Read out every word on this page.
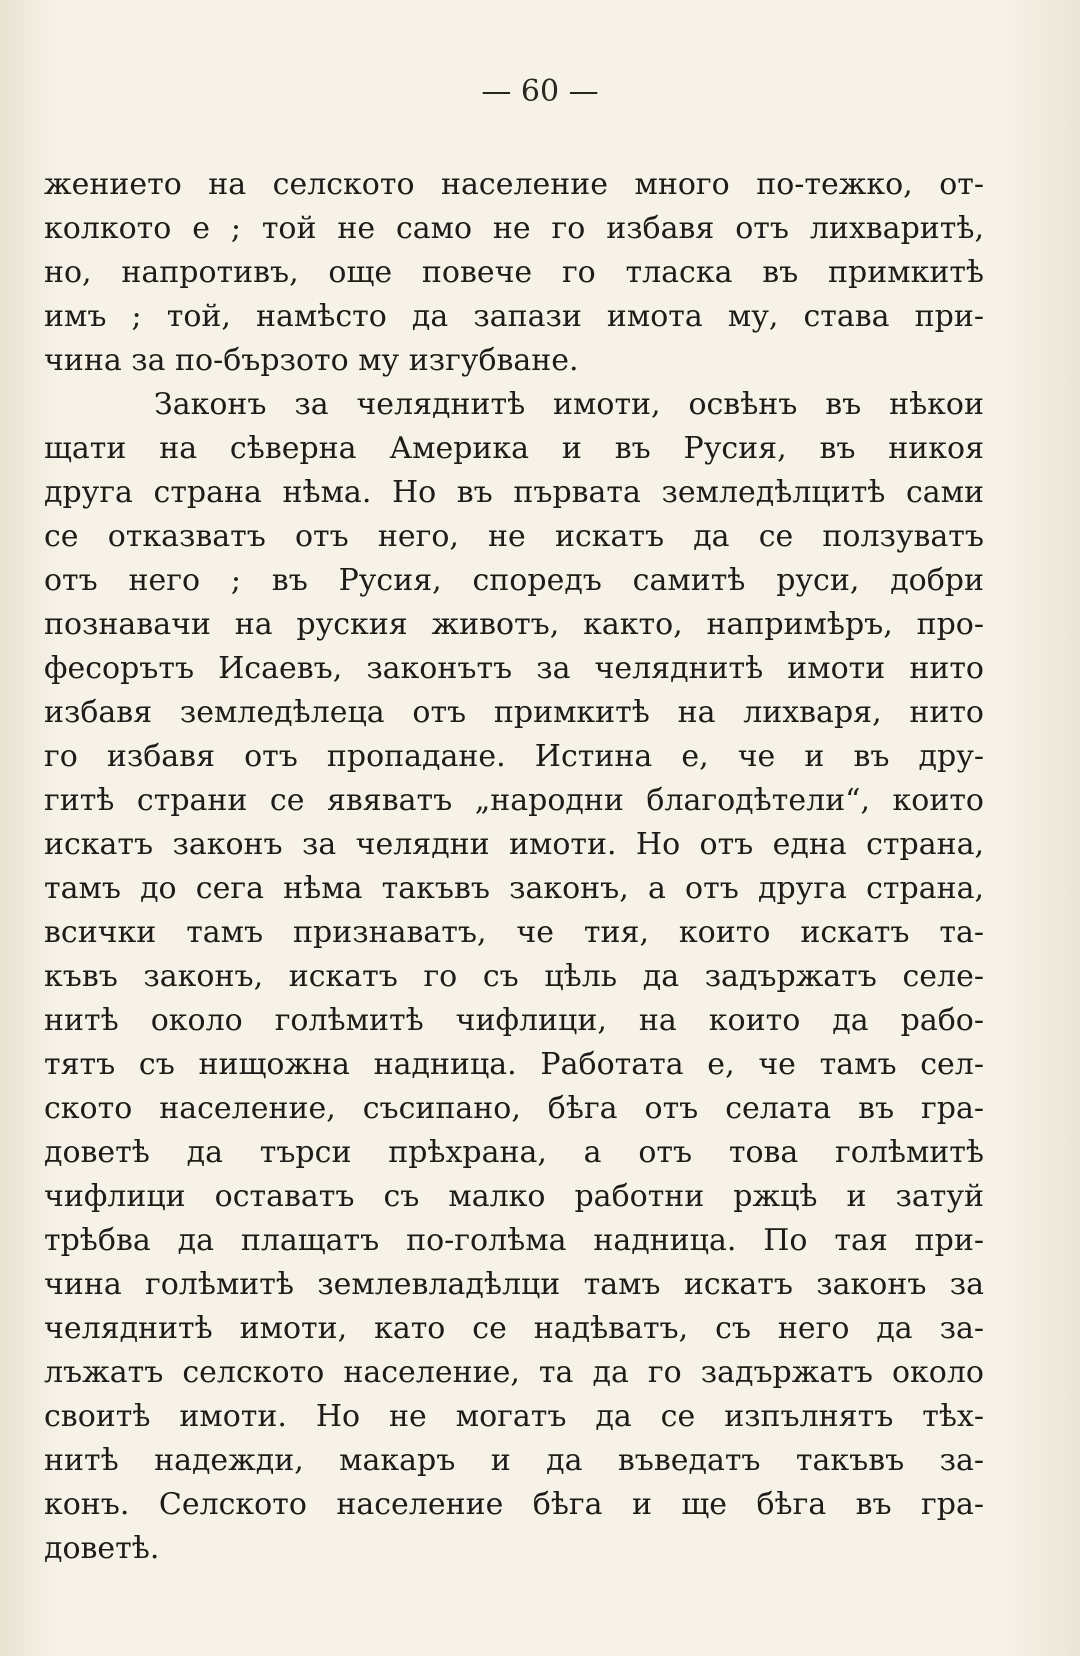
— 60 —
жението на селското население много по-тежко, от-
колкото е ; той не само не го избавя отъ лихваритѣ,
но, напротивъ, още повече го тласка въ примкитѣ
имъ ; той, намѣсто да запази имота му, става при-
чина за по-бързото му изгубване.
Законъ за челяднитѣ имоти, освѣнъ въ нѣкои
щати на сѣверна Америка и въ Русия, въ никоя
друга страна нѣма. Но въ първата земледѣлцитѣ сами
се отказватъ отъ него, не искатъ да се ползуватъ
отъ него ; въ Русия, споредъ самитѣ руси, добри
познавачи на руския животъ, както, напримѣръ, про-
фесорътъ Исаевъ, законътъ за челяднитѣ имоти нито
избавя земледѣлеца отъ примкитѣ на лихваря, нито
го избавя отъ пропадане. Истина е, че и въ дру-
гитѣ страни се явяватъ „народни благодѣтели“, които
искатъ законъ за челядни имоти. Но отъ една страна,
тамъ до сега нѣма такъвъ законъ, а отъ друга страна,
всички тамъ признаватъ, че тия, които искатъ та-
къвъ законъ, искатъ го съ цѣль да задържатъ селе-
нитѣ около голѣмитѣ чифлици, на които да рабо-
тятъ съ нищожна надница. Работата е, че тамъ сел-
ското население, съсипано, бѣга отъ селата въ гра-
доветѣ да търси прѣхрана, а отъ това голѣмитѣ
чифлици оставатъ съ малко работни ржцѣ и затуй
трѣбва да плащатъ по-голѣма надница. По тая при-
чина голѣмитѣ землевладѣлци тамъ искатъ законъ за
челяднитѣ имоти, като се надѣватъ, съ него да за-
лъжатъ селското население, та да го задържатъ около
своитѣ имоти. Но не могатъ да се изпълнятъ тѣх-
нитѣ надежди, макаръ и да въведатъ такъвъ за-
конъ. Селското население бѣга и ще бѣга въ гра-
доветѣ.
